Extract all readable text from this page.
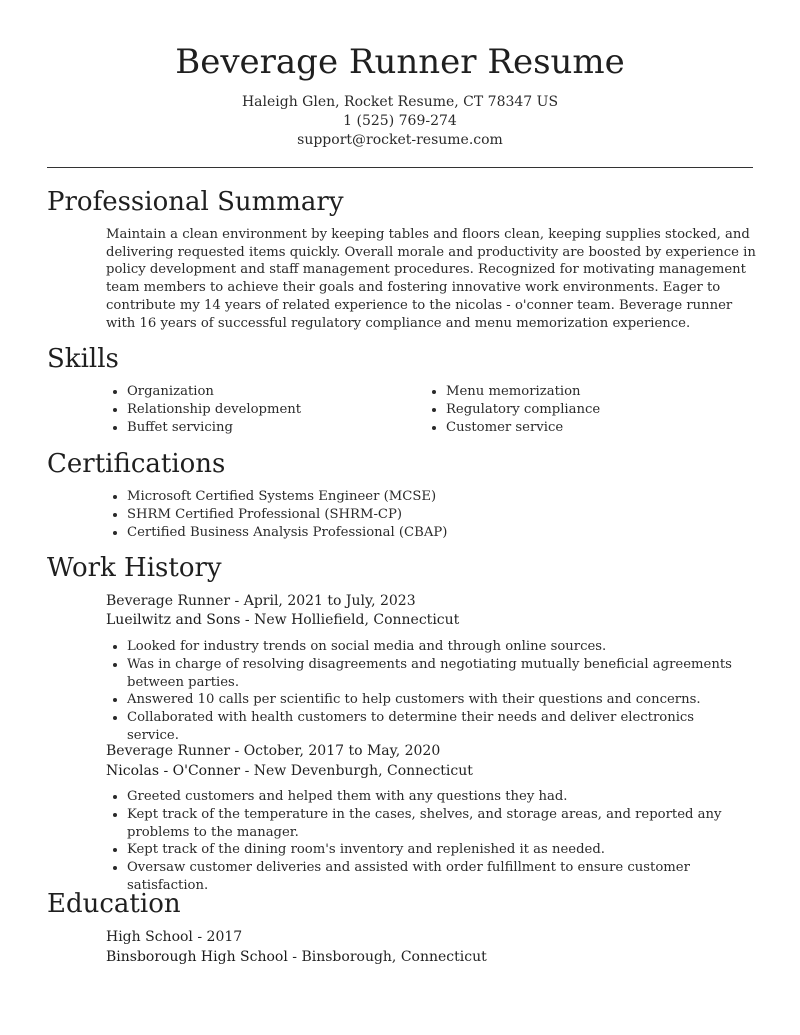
Beverage Runner Resume
Haleigh Glen, Rocket Resume, CT 78347 US
1 (525) 769-274
support@rocket-resume.com
Professional Summary

Maintain a clean environment by keeping tables and floors clean, keeping supplies stocked, and delivering requested items quickly. Overall morale and productivity are boosted by experience in policy development and staff management procedures. Recognized for motivating management team members to achieve their goals and fostering innovative work environments. Eager to contribute my 14 years of related experience to the nicolas - o'conner team. Beverage runner with 16 years of successful regulatory compliance and menu memorization experience.

Skills
• Organization
• Relationship development
• Buffet servicing
• Menu memorization
• Regulatory compliance
• Customer service
Certifications
• Microsoft Certified Systems Engineer (MCSE)
• SHRM Certified Professional (SHRM-CP)
• Certified Business Analysis Professional (CBAP)
Work History
Beverage Runner - April, 2021 to July, 2023
Lueilwitz and Sons - New Holliefield, Connecticut
• Looked for industry trends on social media and through online sources.
• Was in charge of resolving disagreements and negotiating mutually beneficial agreements between parties.
• Answered 10 calls per scientific to help customers with their questions and concerns.
• Collaborated with health customers to determine their needs and deliver electronics service.
Beverage Runner - October, 2017 to May, 2020
Nicolas - O'Conner - New Devenburgh, Connecticut
• Greeted customers and helped them with any questions they had.
• Kept track of the temperature in the cases, shelves, and storage areas, and reported any problems to the manager.
• Kept track of the dining room's inventory and replenished it as needed.
• Oversaw customer deliveries and assisted with order fulfillment to ensure customer satisfaction.
Education
High School - 2017
Binsborough High School - Binsborough, Connecticut
